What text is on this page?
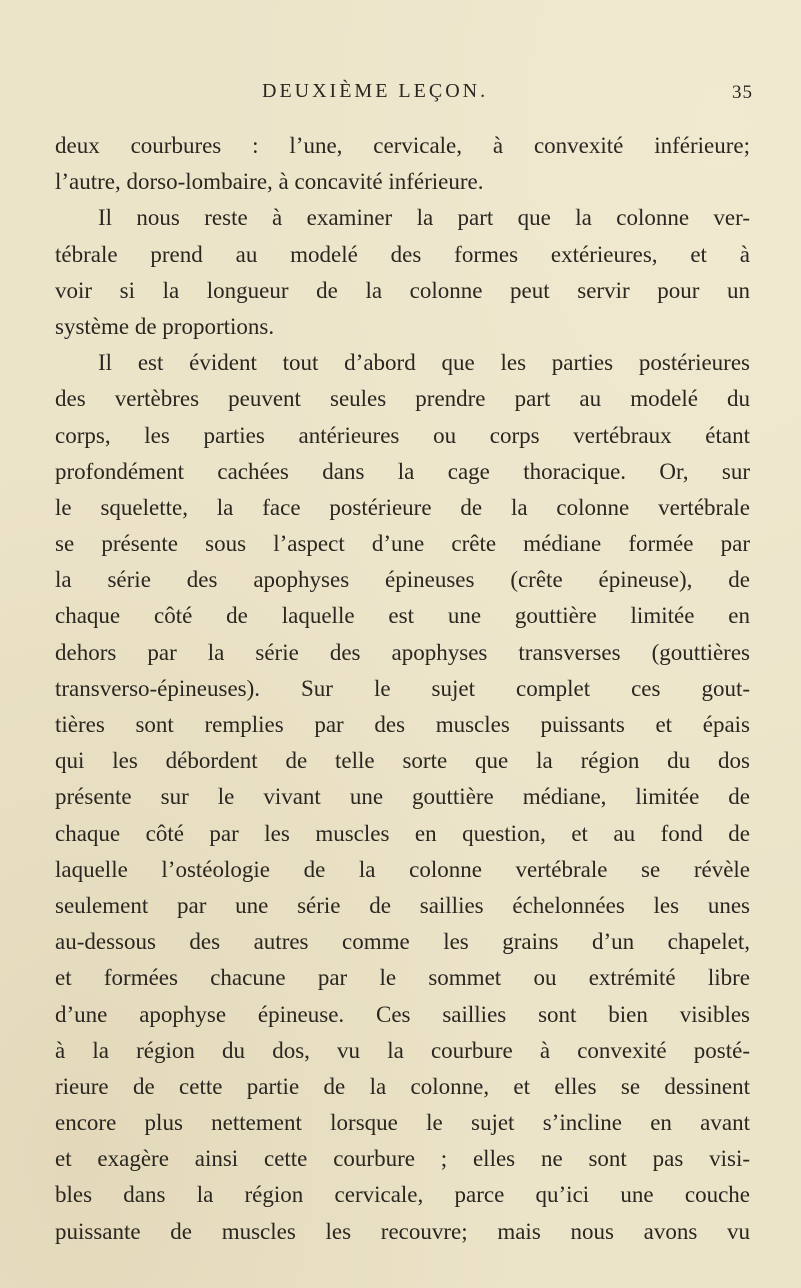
DEUXIÈME LEÇON.	35
deux courbures : l’une, cervicale, à convexité inférieure;
l’autre, dorso-lombaire, à concavité inférieure.
Il nous reste à examiner la part que la colonne ver-
tébrale prend au modelé des formes extérieures, et à
voir si la longueur de la colonne peut servir pour un
système de proportions.
Il est évident tout d’abord que les parties postérieures
des vertèbres peuvent seules prendre part au modelé du
corps, les parties antérieures ou corps vertébraux étant
profondément cachées dans la cage thoracique. Or, sur
le squelette, la face postérieure de la colonne vertébrale
se présente sous l’aspect d’une crête médiane formée par
la série des apophyses épineuses (crête épineuse), de
chaque côté de laquelle est une gouttière limitée en
dehors par la série des apophyses transverses (gouttières
transverso-épineuses). Sur le sujet complet ces gout-
tières sont remplies par des muscles puissants et épais
qui les débordent de telle sorte que la région du dos
présente sur le vivant une gouttière médiane, limitée de
chaque côté par les muscles en question, et au fond de
laquelle l’ostéologie de la colonne vertébrale se révèle
seulement par une série de saillies échelonnées les unes
au-dessous des autres comme les grains d’un chapelet,
et formées chacune par le sommet ou extrémité libre
d’une apophyse épineuse. Ces saillies sont bien visibles
à la région du dos, vu la courbure à convexité posté-
rieure de cette partie de la colonne, et elles se dessinent
encore plus nettement lorsque le sujet s’incline en avant
et exagère ainsi cette courbure ; elles ne sont pas visi-
bles dans la région cervicale, parce qu’ici une couche
puissante de muscles les recouvre; mais nous avons vu
